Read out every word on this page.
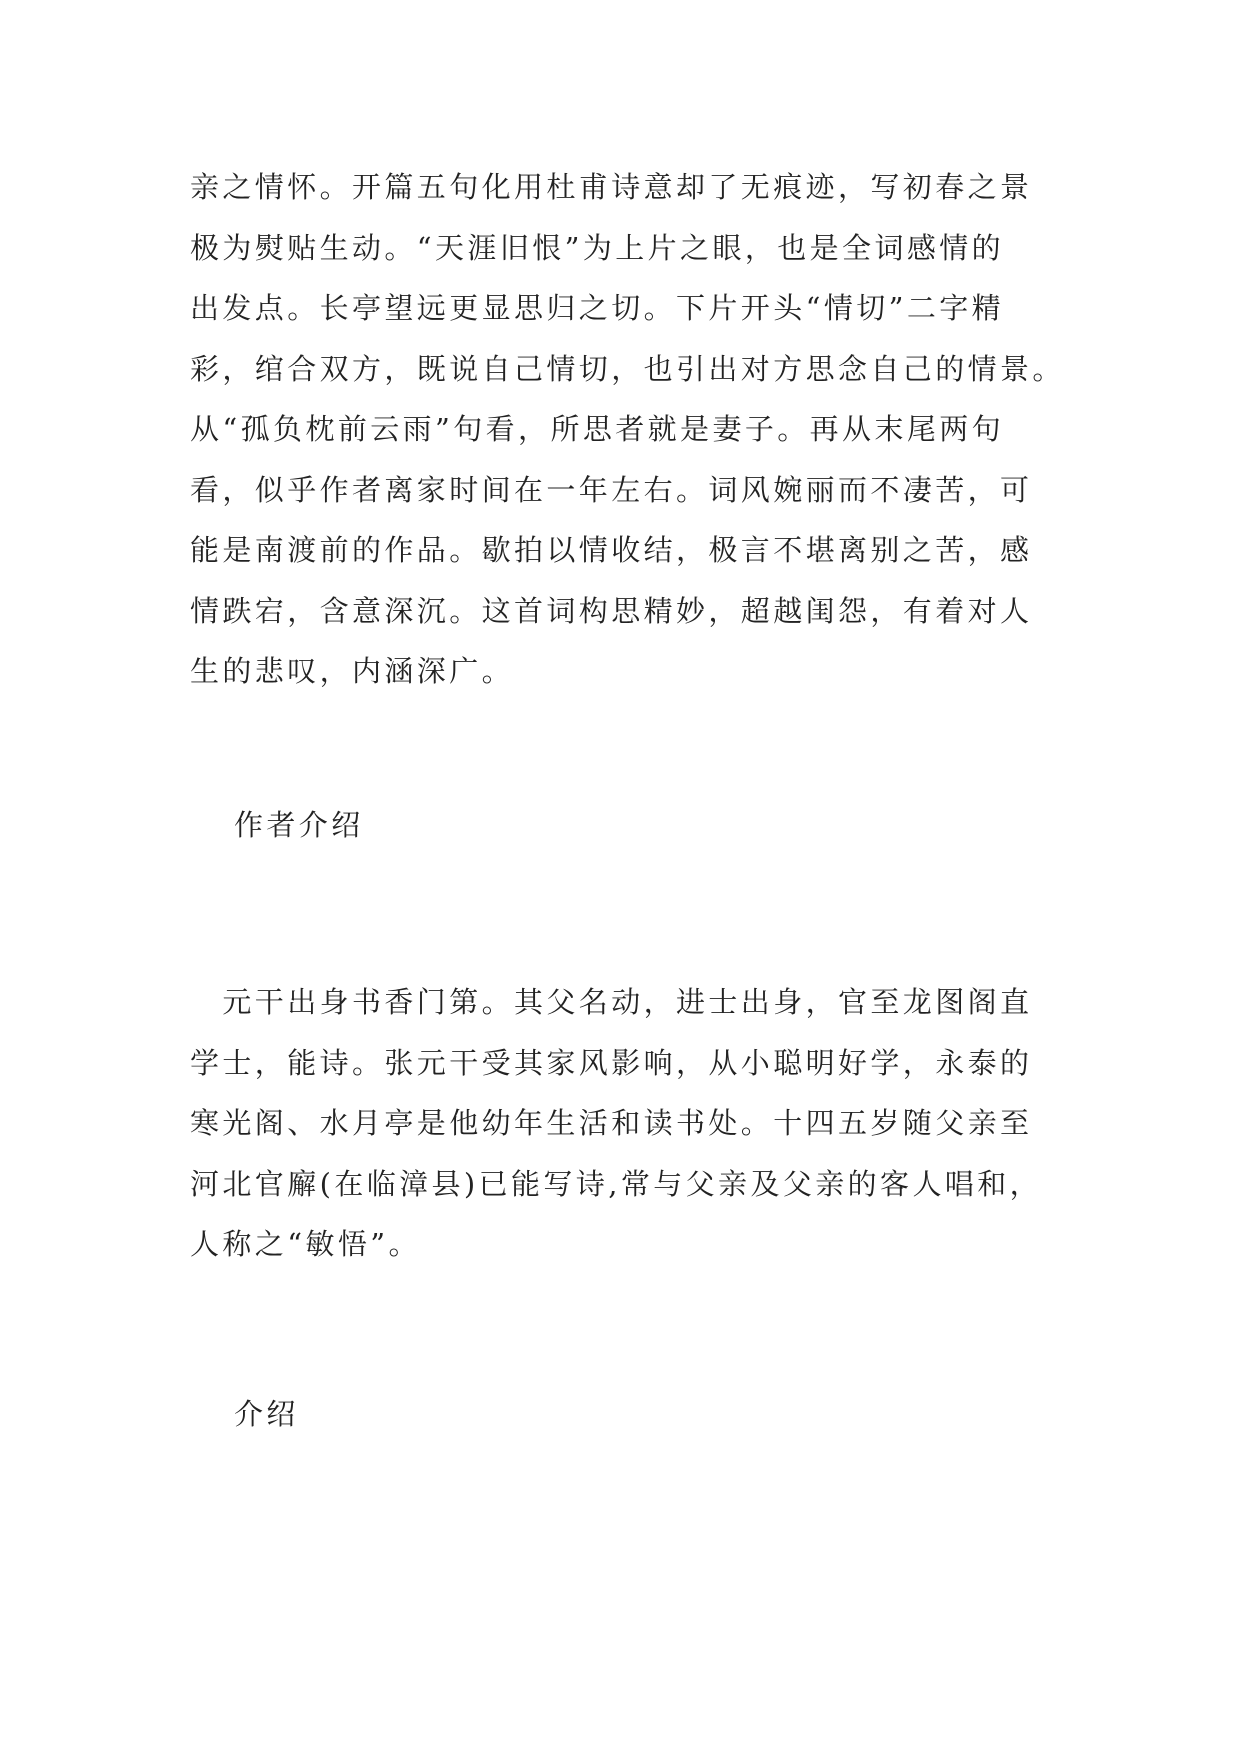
亲之情怀。开篇五句化用杜甫诗意却了无痕迹，写初春之景
极为熨贴生动。“天涯旧恨”为上片之眼，也是全词感情的
出发点。长亭望远更显思归之切。下片开头“情切”二字精
彩，绾合双方，既说自己情切，也引出对方思念自己的情景。
从“孤负枕前云雨”句看，所思者就是妻子。再从末尾两句
看，似乎作者离家时间在一年左右。词风婉丽而不凄苦，可
能是南渡前的作品。歇拍以情收结，极言不堪离别之苦，感
情跌宕，含意深沉。这首词构思精妙，超越闺怨，有着对人
生的悲叹，内涵深广。
作者介绍
　元干出身书香门第。其父名动，进士出身，官至龙图阁直
学士，能诗。张元干受其家风影响，从小聪明好学，永泰的
寒光阁、水月亭是他幼年生活和读书处。十四五岁随父亲至
河北官廨(在临漳县)已能写诗,常与父亲及父亲的客人唱和，
人称之“敏悟”。
介绍
